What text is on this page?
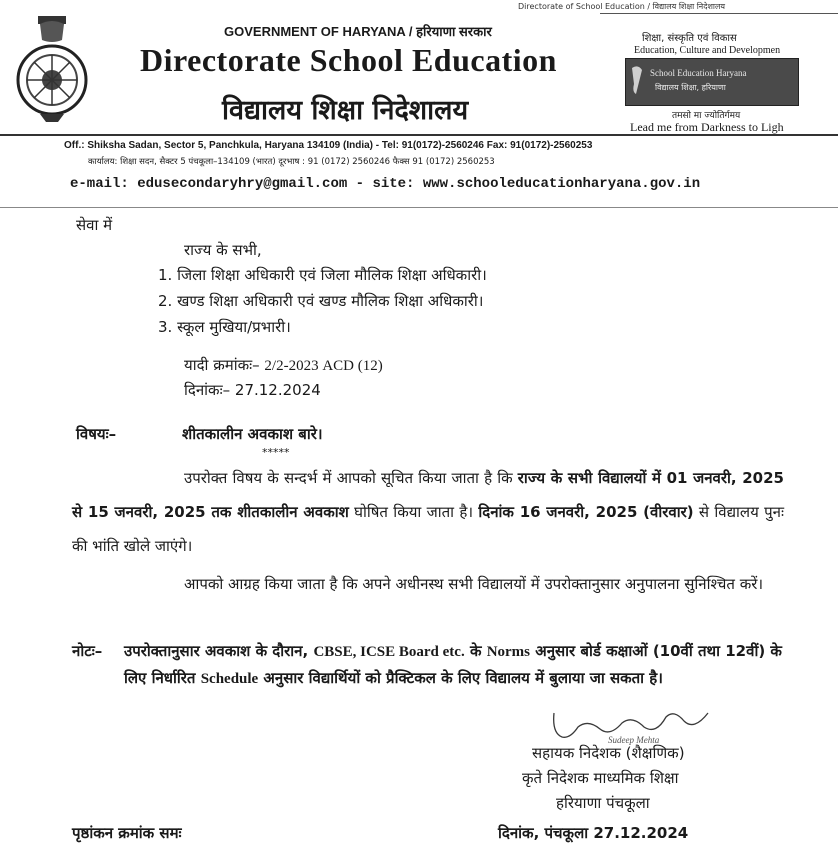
Directorate of School Education / विद्यालय शिक्षा निदेशालय
GOVERNMENT OF HARYANA / हरियाणा सरकार
Directorate School Education
विद्यालय शिक्षा निदेशालय
शिक्षा, संस्कृति एवं विकास
Education, Culture and Developmen
School Education Haryana
विद्यालय शिक्षा, हरियाणा
तमसो मा ज्योतिर्गमय
Lead me from Darkness to Ligh
Off.: Shiksha Sadan, Sector 5, Panchkula, Haryana 134109 (India) - Tel: 91(0172)-2560246 Fax: 91(0172)-2560253
कार्यालय: शिक्षा सदन, सैक्टर 5 पंचकूला–134109 (भारत) दूरभाष : 91 (0172) 2560246 फैक्स 91 (0172) 2560253
e-mail: edusecondaryhry@gmail.com - site: www.schooleducationharyana.gov.in
सेवा में
राज्य के सभी,
1. जिला शिक्षा अधिकारी एवं जिला मौलिक शिक्षा अधिकारी।
2. खण्ड शिक्षा अधिकारी एवं खण्ड मौलिक शिक्षा अधिकारी।
3. स्कूल मुखिया/प्रभारी।
यादी क्रमांकः– 2/2-2023 ACD (12)
दिनांकः– 27.12.2024
विषयः–	शीतकालीन अवकाश बारे।
*****
उपरोक्त विषय के सन्दर्भ में आपको सूचित किया जाता है कि राज्य के सभी विद्यालयों में 01 जनवरी, 2025 से 15 जनवरी, 2025 तक शीतकालीन अवकाश घोषित किया जाता है। दिनांक 16 जनवरी, 2025 (वीरवार) से विद्यालय पुनः की भांति खोले जाएंगे।
आपको आग्रह किया जाता है कि अपने अधीनस्थ सभी विद्यालयों में उपरोक्तानुसार अनुपालना सुनिश्चित करें।
नोटः– उपरोक्तानुसार अवकाश के दौरान, CBSE, ICSE Board etc. के Norms अनुसार बोर्ड कक्षाओं (10वीं तथा 12वीं) के लिए निर्धारित Schedule अनुसार विद्यार्थियों को प्रैक्टिकल के लिए विद्यालय में बुलाया जा सकता है।
Sudeep Mehta
सहायक निदेशक (शैक्षणिक)
कृते निदेशक माध्यमिक शिक्षा
हरियाणा पंचकूला
पृष्ठांकन क्रमांक समः	दिनांक, पंचकूला 27.12.2024
